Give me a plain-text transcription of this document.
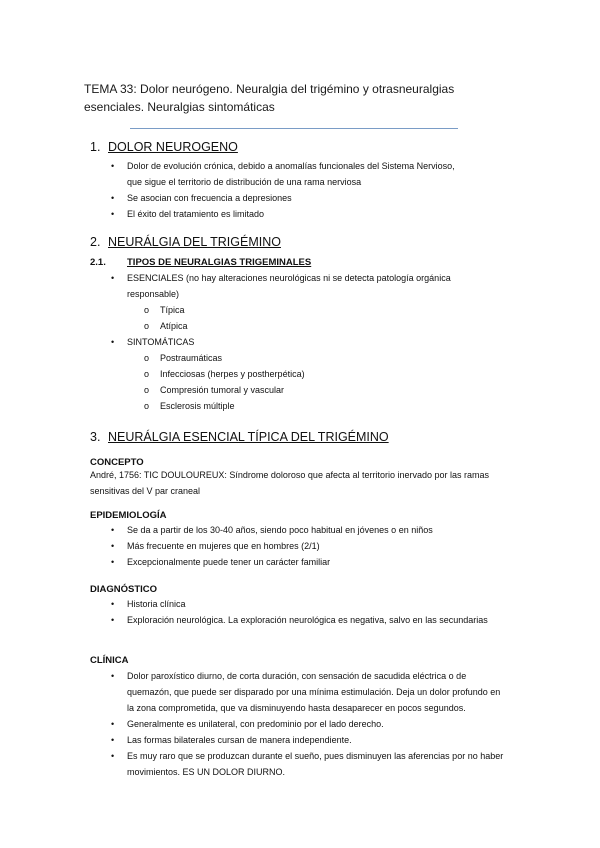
TEMA 33: Dolor neurógeno. Neuralgia del trigémino y otrasneuralgias esenciales. Neuralgias sintomáticas
1. DOLOR NEUROGENO
• Dolor de evolución crónica, debido a anomalías funcionales del Sistema Nervioso, que sigue el territorio de distribución de una rama nerviosa
• Se asocian con frecuencia a depresiones
• El éxito del tratamiento es limitado
2. NEURÁLGIA DEL TRIGÉMINO
2.1. TIPOS DE NEURALGIAS TRIGEMINALES
• ESENCIALES (no hay alteraciones neurológicas ni se detecta patología orgánica responsable)
o Típica
o Atípica
• SINTOMÁTICAS
o Postraumáticas
o Infecciosas (herpes y postherpética)
o Compresión tumoral y vascular
o Esclerosis múltiple
3. NEURÁLGIA ESENCIAL TÍPICA DEL TRIGÉMINO
CONCEPTO
André, 1756: TIC DOULOUREUX: Síndrome doloroso que afecta al territorio inervado por las ramas sensitivas del V par craneal
EPIDEMIOLOGÍA
• Se da a partir de los 30-40 años, siendo poco habitual en jóvenes o en niños
• Más frecuente en mujeres que en hombres (2/1)
• Excepcionalmente puede tener un carácter familiar
DIAGNÓSTICO
• Historia clínica
• Exploración neurológica. La exploración neurológica es negativa, salvo en las secundarias
CLÍNICA
• Dolor paroxístico diurno, de corta duración, con sensación de sacudida eléctrica o de quemazón, que puede ser disparado por una mínima estimulación. Deja un dolor profundo en la zona comprometida, que va disminuyendo hasta desaparecer en pocos segundos.
• Generalmente es unilateral, con predominio por el lado derecho.
• Las formas bilaterales cursan de manera independiente.
• Es muy raro que se produzcan durante el sueño, pues disminuyen las aferencias por no haber movimientos. ES UN DOLOR DIURNO.
